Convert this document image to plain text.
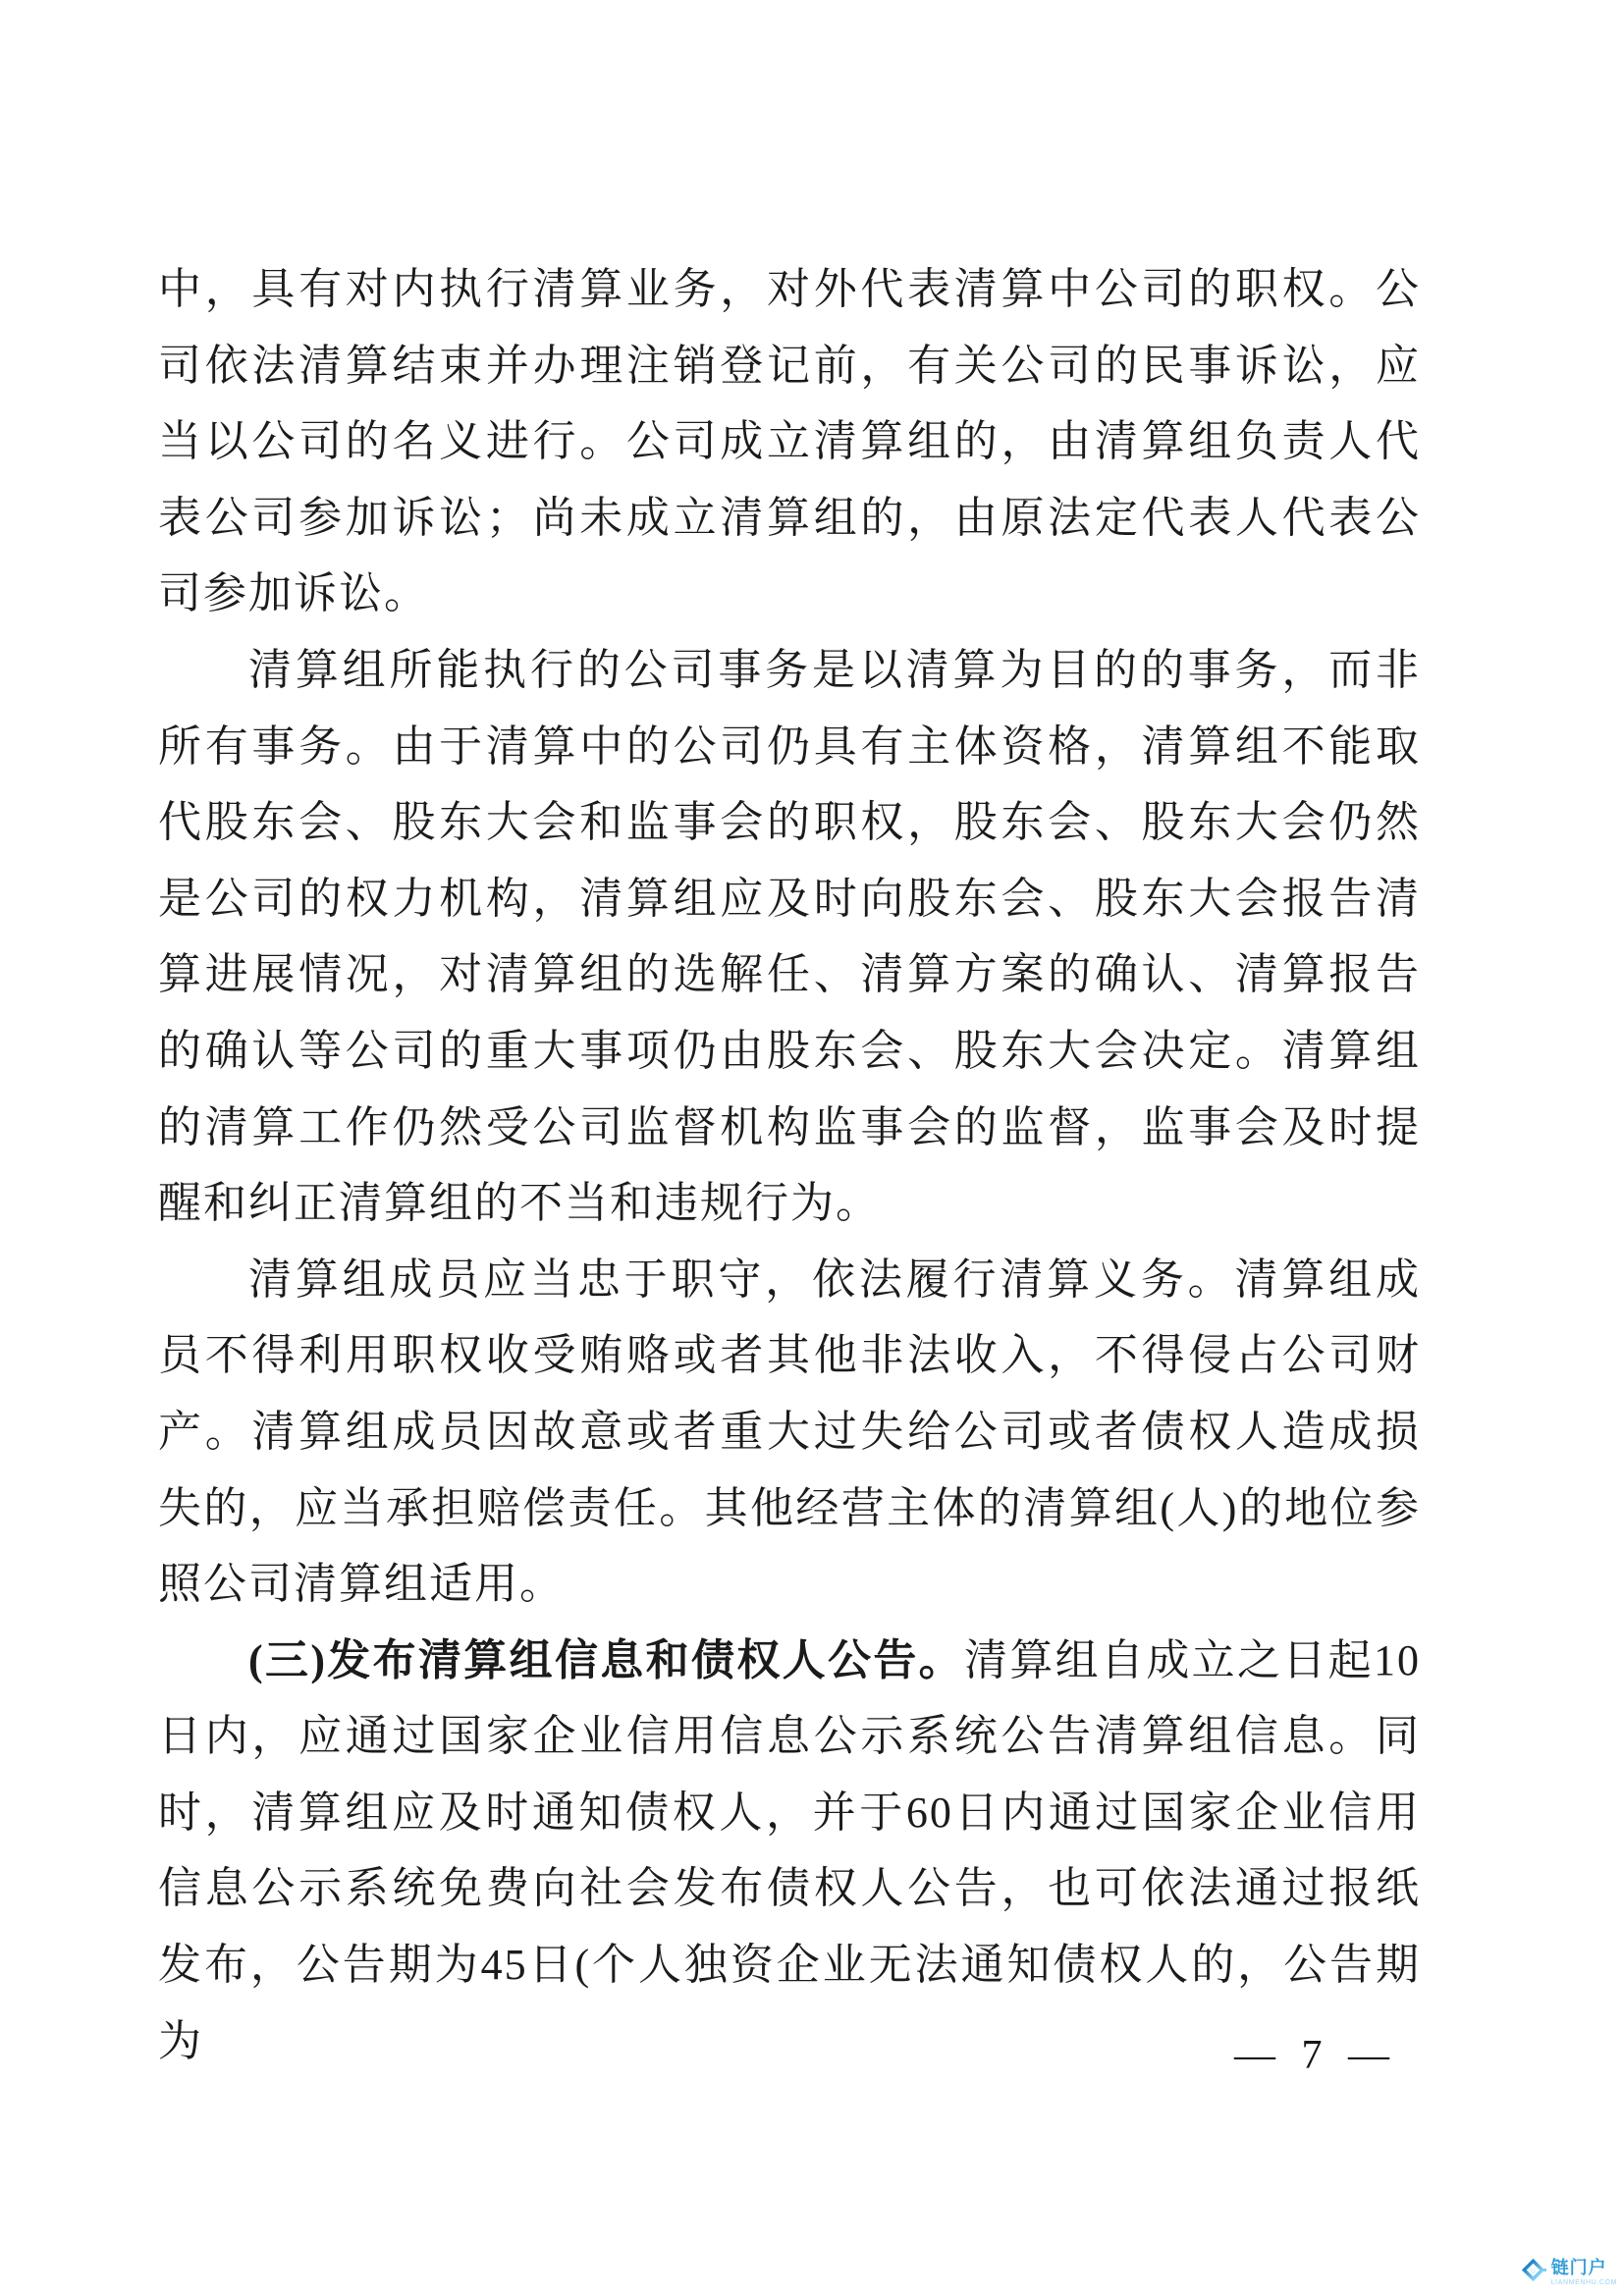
中，具有对内执行清算业务，对外代表清算中公司的职权。公司依法清算结束并办理注销登记前，有关公司的民事诉讼，应当以公司的名义进行。公司成立清算组的，由清算组负责人代表公司参加诉讼；尚未成立清算组的，由原法定代表人代表公司参加诉讼。

清算组所能执行的公司事务是以清算为目的的事务，而非所有事务。由于清算中的公司仍具有主体资格，清算组不能取代股东会、股东大会和监事会的职权，股东会、股东大会仍然是公司的权力机构，清算组应及时向股东会、股东大会报告清算进展情况，对清算组的选解任、清算方案的确认、清算报告的确认等公司的重大事项仍由股东会、股东大会决定。清算组的清算工作仍然受公司监督机构监事会的监督，监事会及时提醒和纠正清算组的不当和违规行为。

清算组成员应当忠于职守，依法履行清算义务。清算组成员不得利用职权收受贿赂或者其他非法收入，不得侵占公司财产。清算组成员因故意或者重大过失给公司或者债权人造成损失的，应当承担赔偿责任。其他经营主体的清算组(人)的地位参照公司清算组适用。

(三)发布清算组信息和债权人公告。清算组自成立之日起10日内，应通过国家企业信用信息公示系统公告清算组信息。同时，清算组应及时通知债权人，并于60日内通过国家企业信用信息公示系统免费向社会发布债权人公告，也可依法通过报纸发布，公告期为45日(个人独资企业无法通知债权人的，公告期为	— 7 —
u 链门户
LIANMENHU.COM
